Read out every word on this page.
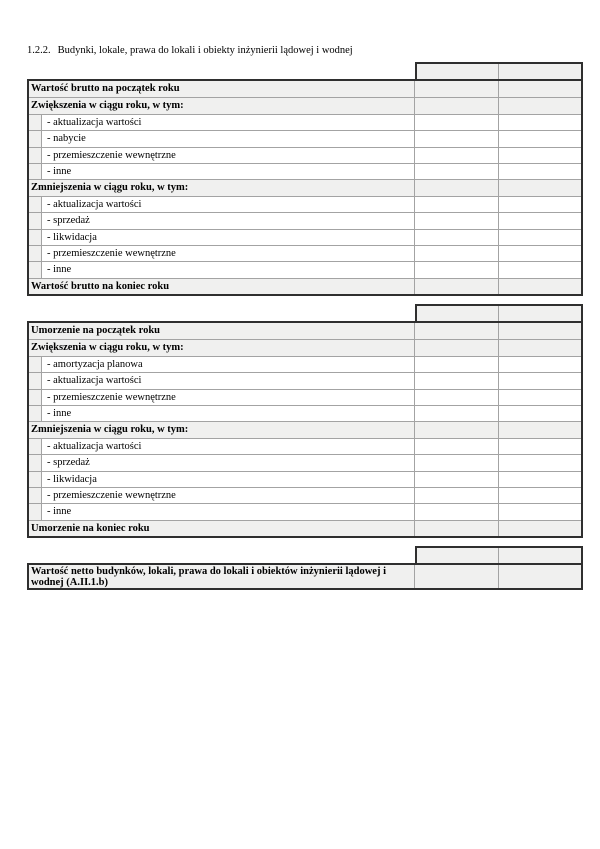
1.2.2. Budynki, lokale, prawa do lokali i obiekty inżynierii lądowej i wodnej
Wartość brutto na początek roku
Zwiększenia w ciągu roku, w tym:
- aktualizacja wartości
- nabycie
- przemieszczenie wewnętrzne
- inne
Zmniejszenia w ciągu roku, w tym:
- aktualizacja wartości
- sprzedaż
- likwidacja
- przemieszczenie wewnętrzne
- inne
Wartość brutto na koniec roku
Umorzenie na początek roku
Zwiększenia w ciągu roku, w tym:
- amortyzacja planowa
- aktualizacja wartości
- przemieszczenie wewnętrzne
- inne
Zmniejszenia w ciągu roku, w tym:
- aktualizacja wartości
- sprzedaż
- likwidacja
- przemieszczenie wewnętrzne
- inne
Umorzenie na koniec roku
Wartość netto budynków, lokali, prawa do lokali i obiektów inżynierii lądowej i wodnej (A.II.1.b)
